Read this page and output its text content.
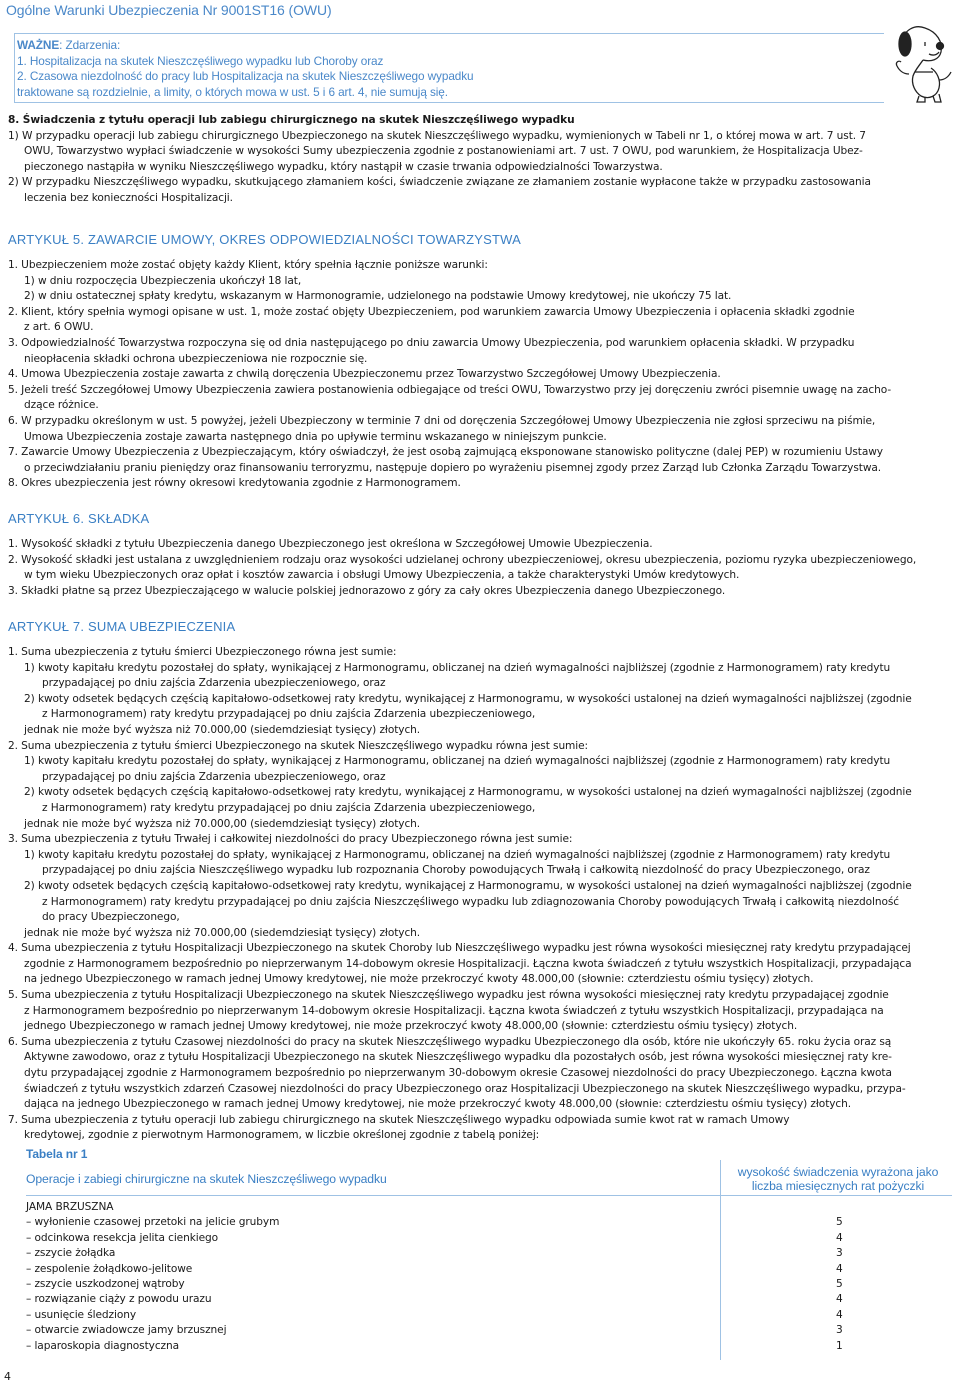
Ogólne Warunki Ubezpieczenia Nr 9001ST16 (OWU)
WAŻNE: Zdarzenia:
1. Hospitalizacja na skutek Nieszczęśliwego wypadku lub Choroby oraz
2. Czasowa niezdolność do pracy lub Hospitalizacja na skutek Nieszczęśliwego wypadku
traktowane są rozdzielnie, a limity, o których mowa w ust. 5 i 6 art. 4, nie sumują się.
8. Świadczenia z tytułu operacji lub zabiegu chirurgicznego na skutek Nieszczęśliwego wypadku
1) W przypadku operacji lub zabiegu chirurgicznego Ubezpieczonego na skutek Nieszczęśliwego wypadku, wymienionych w Tabeli nr 1, o której mowa w art. 7 ust. 7
OWU, Towarzystwo wypłaci świadczenie w wysokości Sumy ubezpieczenia zgodnie z postanowieniami art. 7 ust. 7 OWU, pod warunkiem, że Hospitalizacja Ubez-
pieczonego nastąpiła w wyniku Nieszczęśliwego wypadku, który nastąpił w czasie trwania odpowiedzialności Towarzystwa.
2) W przypadku Nieszczęśliwego wypadku, skutkującego złamaniem kości, świadczenie związane ze złamaniem zostanie wypłacone także w przypadku zastosowania
leczenia bez konieczności Hospitalizacji.
ARTYKUŁ 5. ZAWARCIE UMOWY, OKRES ODPOWIEDZIALNOŚCI TOWARZYSTWA
1. Ubezpieczeniem może zostać objęty każdy Klient, który spełnia łącznie poniższe warunki:
1) w dniu rozpoczęcia Ubezpieczenia ukończył 18 lat,
2) w dniu ostatecznej spłaty kredytu, wskazanym w Harmonogramie, udzielonego na podstawie Umowy kredytowej, nie ukończy 75 lat.
2. Klient, który spełnia wymogi opisane w ust. 1, może zostać objęty Ubezpieczeniem, pod warunkiem zawarcia Umowy Ubezpieczenia i opłacenia składki zgodnie
z art. 6 OWU.
3. Odpowiedzialność Towarzystwa rozpoczyna się od dnia następującego po dniu zawarcia Umowy Ubezpieczenia, pod warunkiem opłacenia składki. W przypadku
nieopłacenia składki ochrona ubezpieczeniowa nie rozpocznie się.
4. Umowa Ubezpieczenia zostaje zawarta z chwilą doręczenia Ubezpieczonemu przez Towarzystwo Szczegółowej Umowy Ubezpieczenia.
5. Jeżeli treść Szczegółowej Umowy Ubezpieczenia zawiera postanowienia odbiegające od treści OWU, Towarzystwo przy jej doręczeniu zwróci pisemnie uwagę na zacho-
dzące różnice.
6. W przypadku określonym w ust. 5 powyżej, jeżeli Ubezpieczony w terminie 7 dni od doręczenia Szczegółowej Umowy Ubezpieczenia nie zgłosi sprzeciwu na piśmie,
Umowa Ubezpieczenia zostaje zawarta następnego dnia po upływie terminu wskazanego w niniejszym punkcie.
7. Zawarcie Umowy Ubezpieczenia z Ubezpieczającym, który oświadczył, że jest osobą zajmującą eksponowane stanowisko polityczne (dalej PEP) w rozumieniu Ustawy
o przeciwdziałaniu praniu pieniędzy oraz finansowaniu terroryzmu, następuje dopiero po wyrażeniu pisemnej zgody przez Zarząd lub Członka Zarządu Towarzystwa.
8. Okres ubezpieczenia jest równy okresowi kredytowania zgodnie z Harmonogramem.
ARTYKUŁ 6. SKŁADKA
1. Wysokość składki z tytułu Ubezpieczenia danego Ubezpieczonego jest określona w Szczegółowej Umowie Ubezpieczenia.
2. Wysokość składki jest ustalana z uwzględnieniem rodzaju oraz wysokości udzielanej ochrony ubezpieczeniowej, okresu ubezpieczenia, poziomu ryzyka ubezpieczeniowego,
w tym wieku Ubezpieczonych oraz opłat i kosztów zawarcia i obsługi Umowy Ubezpieczenia, a także charakterystyki Umów kredytowych.
3. Składki płatne są przez Ubezpieczającego w walucie polskiej jednorazowo z góry za cały okres Ubezpieczenia danego Ubezpieczonego.
ARTYKUŁ 7. SUMA UBEZPIECZENIA
1. Suma ubezpieczenia z tytułu śmierci Ubezpieczonego równa jest sumie:
1) kwoty kapitału kredytu pozostałej do spłaty, wynikającej z Harmonogramu, obliczanej na dzień wymagalności najbliższej (zgodnie z Harmonogramem) raty kredytu
przypadającej po dniu zajścia Zdarzenia ubezpieczeniowego, oraz
2) kwoty odsetek będących częścią kapitałowo-odsetkowej raty kredytu, wynikającej z Harmonogramu, w wysokości ustalonej na dzień wymagalności najbliższej (zgodnie
z Harmonogramem) raty kredytu przypadającej po dniu zajścia Zdarzenia ubezpieczeniowego,
jednak nie może być wyższa niż 70.000,00 (siedemdziesiąt tysięcy) złotych.
2. Suma ubezpieczenia z tytułu śmierci Ubezpieczonego na skutek Nieszczęśliwego wypadku równa jest sumie:
1) kwoty kapitału kredytu pozostałej do spłaty, wynikającej z Harmonogramu, obliczanej na dzień wymagalności najbliższej (zgodnie z Harmonogramem) raty kredytu
przypadającej po dniu zajścia Zdarzenia ubezpieczeniowego, oraz
2) kwoty odsetek będących częścią kapitałowo-odsetkowej raty kredytu, wynikającej z Harmonogramu, w wysokości ustalonej na dzień wymagalności najbliższej (zgodnie
z Harmonogramem) raty kredytu przypadającej po dniu zajścia Zdarzenia ubezpieczeniowego,
jednak nie może być wyższa niż 70.000,00 (siedemdziesiąt tysięcy) złotych.
3. Suma ubezpieczenia z tytułu Trwałej i całkowitej niezdolności do pracy Ubezpieczonego równa jest sumie:
1) kwoty kapitału kredytu pozostałej do spłaty, wynikającej z Harmonogramu, obliczanej na dzień wymagalności najbliższej (zgodnie z Harmonogramem) raty kredytu
przypadającej po dniu zajścia Nieszczęśliwego wypadku lub rozpoznania Choroby powodujących Trwałą i całkowitą niezdolność do pracy Ubezpieczonego, oraz
2) kwoty odsetek będących częścią kapitałowo-odsetkowej raty kredytu, wynikającej z Harmonogramu, w wysokości ustalonej na dzień wymagalności najbliższej (zgodnie
z Harmonogramem) raty kredytu przypadającej po dniu zajścia Nieszczęśliwego wypadku lub zdiagnozowania Choroby powodujących Trwałą i całkowitą niezdolność
do pracy Ubezpieczonego,
jednak nie może być wyższa niż 70.000,00 (siedemdziesiąt tysięcy) złotych.
4. Suma ubezpieczenia z tytułu Hospitalizacji Ubezpieczonego na skutek Choroby lub Nieszczęśliwego wypadku jest równa wysokości miesięcznej raty kredytu przypadającej
zgodnie z Harmonogramem bezpośrednio po nieprzerwanym 14-dobowym okresie Hospitalizacji. Łączna kwota świadczeń z tytułu wszystkich Hospitalizacji, przypadająca
na jednego Ubezpieczonego w ramach jednej Umowy kredytowej, nie może przekroczyć kwoty 48.000,00 (słownie: czterdziestu ośmiu tysięcy) złotych.
5. Suma ubezpieczenia z tytułu Hospitalizacji Ubezpieczonego na skutek Nieszczęśliwego wypadku jest równa wysokości miesięcznej raty kredytu przypadającej zgodnie
z Harmonogramem bezpośrednio po nieprzerwanym 14-dobowym okresie Hospitalizacji. Łączna kwota świadczeń z tytułu wszystkich Hospitalizacji, przypadająca na
jednego Ubezpieczonego w ramach jednej Umowy kredytowej, nie może przekroczyć kwoty 48.000,00 (słownie: czterdziestu ośmiu tysięcy) złotych.
6. Suma ubezpieczenia z tytułu Czasowej niezdolności do pracy na skutek Nieszczęśliwego wypadku Ubezpieczonego dla osób, które nie ukończyły 65. roku życia oraz są
Aktywne zawodowo, oraz z tytułu Hospitalizacji Ubezpieczonego na skutek Nieszczęśliwego wypadku dla pozostałych osób, jest równa wysokości miesięcznej raty kre-
dytu przypadającej zgodnie z Harmonogramem bezpośrednio po nieprzerwanym 30-dobowym okresie Czasowej niezdolności do pracy Ubezpieczonego. Łączna kwota
świadczeń z tytułu wszystkich zdarzeń Czasowej niezdolności do pracy Ubezpieczonego oraz Hospitalizacji Ubezpieczonego na skutek Nieszczęśliwego wypadku, przypa-
dająca na jednego Ubezpieczonego w ramach jednej Umowy kredytowej, nie może przekroczyć kwoty 48.000,00 (słownie: czterdziestu ośmiu tysięcy) złotych.
7. Suma ubezpieczenia z tytułu operacji lub zabiegu chirurgicznego na skutek Nieszczęśliwego wypadku odpowiada sumie kwot rat w ramach Umowy
kredytowej, zgodnie z pierwotnym Harmonogramem, w liczbie określonej zgodnie z tabelą poniżej:
Tabela nr 1
Operacje i zabiegi chirurgiczne na skutek Nieszczęśliwego wypadku	wysokość świadczenia wyrażona jako
liczba miesięcznych rat pożyczki
JAMA BRZUSZNA
– wyłonienie czasowej przetoki na jelicie grubym	5
– odcinkowa resekcja jelita cienkiego	4
– zszycie żołądka	3
– zespolenie żołądkowo-jelitowe	4
– zszycie uszkodzonej wątroby	5
– rozwiązanie ciąży z powodu urazu	4
– usunięcie śledziony	4
– otwarcie zwiadowcze jamy brzusznej	3
– laparoskopia diagnostyczna	1
4
